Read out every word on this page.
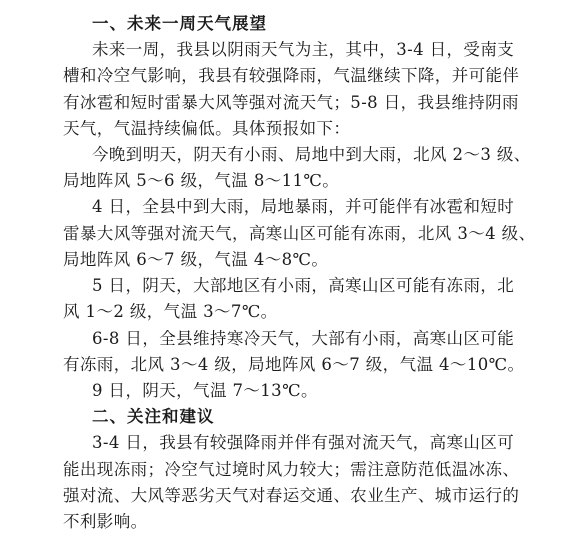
一、未来一周天气展望
未来一周，我县以阴雨天气为主，其中，3-4 日，受南支
槽和冷空气影响，我县有较强降雨，气温继续下降，并可能伴
有冰雹和短时雷暴大风等强对流天气；5-8 日，我县维持阴雨
天气，气温持续偏低。具体预报如下：
今晚到明天，阴天有小雨、局地中到大雨，北风 2～3 级、
局地阵风 5～6 级，气温 8～11℃。
4 日，全县中到大雨，局地暴雨，并可能伴有冰雹和短时
雷暴大风等强对流天气，高寒山区可能有冻雨，北风 3～4 级、
局地阵风 6～7 级，气温 4～8℃。
5 日，阴天，大部地区有小雨，高寒山区可能有冻雨，北
风 1～2 级，气温 3～7℃。
6-8 日，全县维持寒冷天气，大部有小雨，高寒山区可能
有冻雨，北风 3～4 级，局地阵风 6～7 级，气温 4～10℃。
9 日，阴天，气温 7～13℃。
二、关注和建议
3-4 日，我县有较强降雨并伴有强对流天气，高寒山区可
能出现冻雨；冷空气过境时风力较大；需注意防范低温冰冻、
强对流、大风等恶劣天气对春运交通、农业生产、城市运行的
不利影响。
